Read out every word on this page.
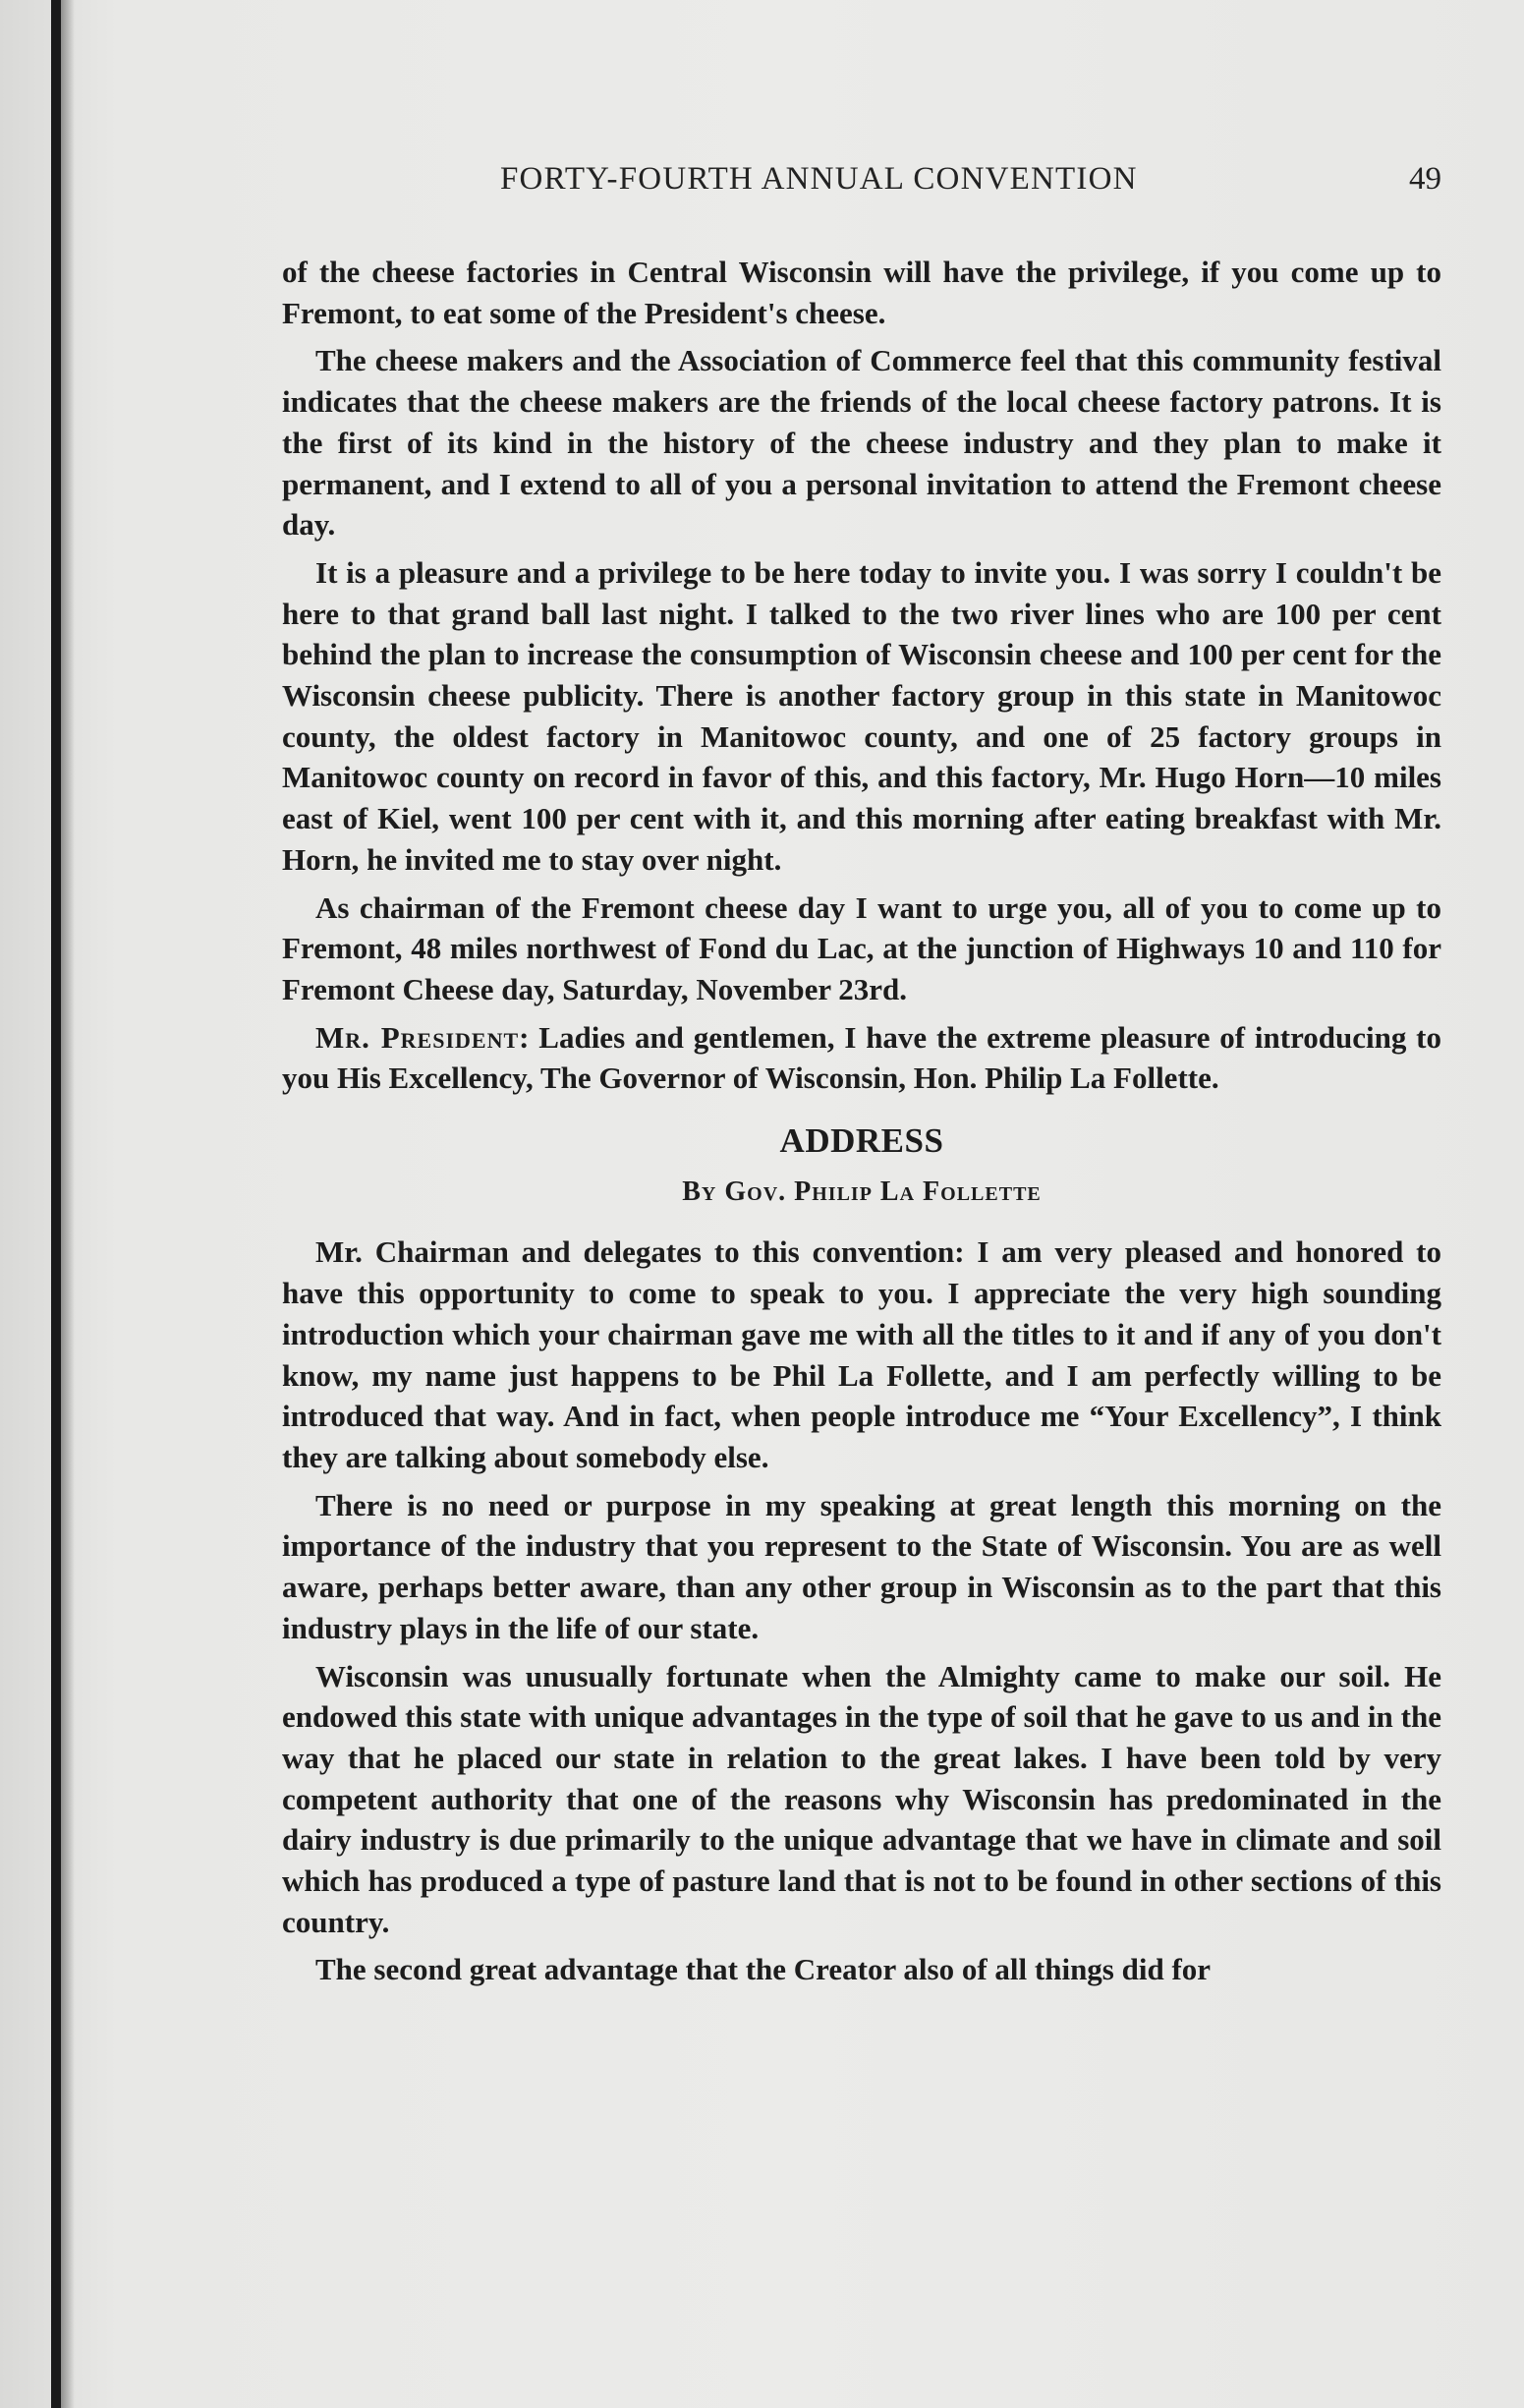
FORTY-FOURTH ANNUAL CONVENTION	49

of the cheese factories in Central Wisconsin will have the privilege, if you come up to Fremont, to eat some of the President's cheese.

The cheese makers and the Association of Commerce feel that this community festival indicates that the cheese makers are the friends of the local cheese factory patrons. It is the first of its kind in the history of the cheese industry and they plan to make it permanent, and I extend to all of you a personal invitation to attend the Fremont cheese day.

It is a pleasure and a privilege to be here today to invite you. I was sorry I couldn't be here to that grand ball last night. I talked to the two river lines who are 100 per cent behind the plan to increase the consumption of Wisconsin cheese and 100 per cent for the Wisconsin cheese publicity. There is another factory group in this state in Manitowoc county, the oldest factory in Manitowoc county, and one of 25 factory groups in Manitowoc county on record in favor of this, and this factory, Mr. Hugo Horn—10 miles east of Kiel, went 100 per cent with it, and this morning after eating breakfast with Mr. Horn, he invited me to stay over night.

As chairman of the Fremont cheese day I want to urge you, all of you to come up to Fremont, 48 miles northwest of Fond du Lac, at the junction of Highways 10 and 110 for Fremont Cheese day, Saturday, November 23rd.

Mr. President: Ladies and gentlemen, I have the extreme pleasure of introducing to you His Excellency, The Governor of Wisconsin, Hon. Philip La Follette.

ADDRESS
By Gov. Philip La Follette

Mr. Chairman and delegates to this convention: I am very pleased and honored to have this opportunity to come to speak to you. I appreciate the very high sounding introduction which your chairman gave me with all the titles to it and if any of you don't know, my name just happens to be Phil La Follette, and I am perfectly willing to be introduced that way. And in fact, when people introduce me “Your Excellency”, I think they are talking about somebody else.

There is no need or purpose in my speaking at great length this morning on the importance of the industry that you represent to the State of Wisconsin. You are as well aware, perhaps better aware, than any other group in Wisconsin as to the part that this industry plays in the life of our state.

Wisconsin was unusually fortunate when the Almighty came to make our soil. He endowed this state with unique advantages in the type of soil that he gave to us and in the way that he placed our state in relation to the great lakes. I have been told by very competent authority that one of the reasons why Wisconsin has predominated in the dairy industry is due primarily to the unique advantage that we have in climate and soil which has produced a type of pasture land that is not to be found in other sections of this country.

The second great advantage that the Creator also of all things did for
